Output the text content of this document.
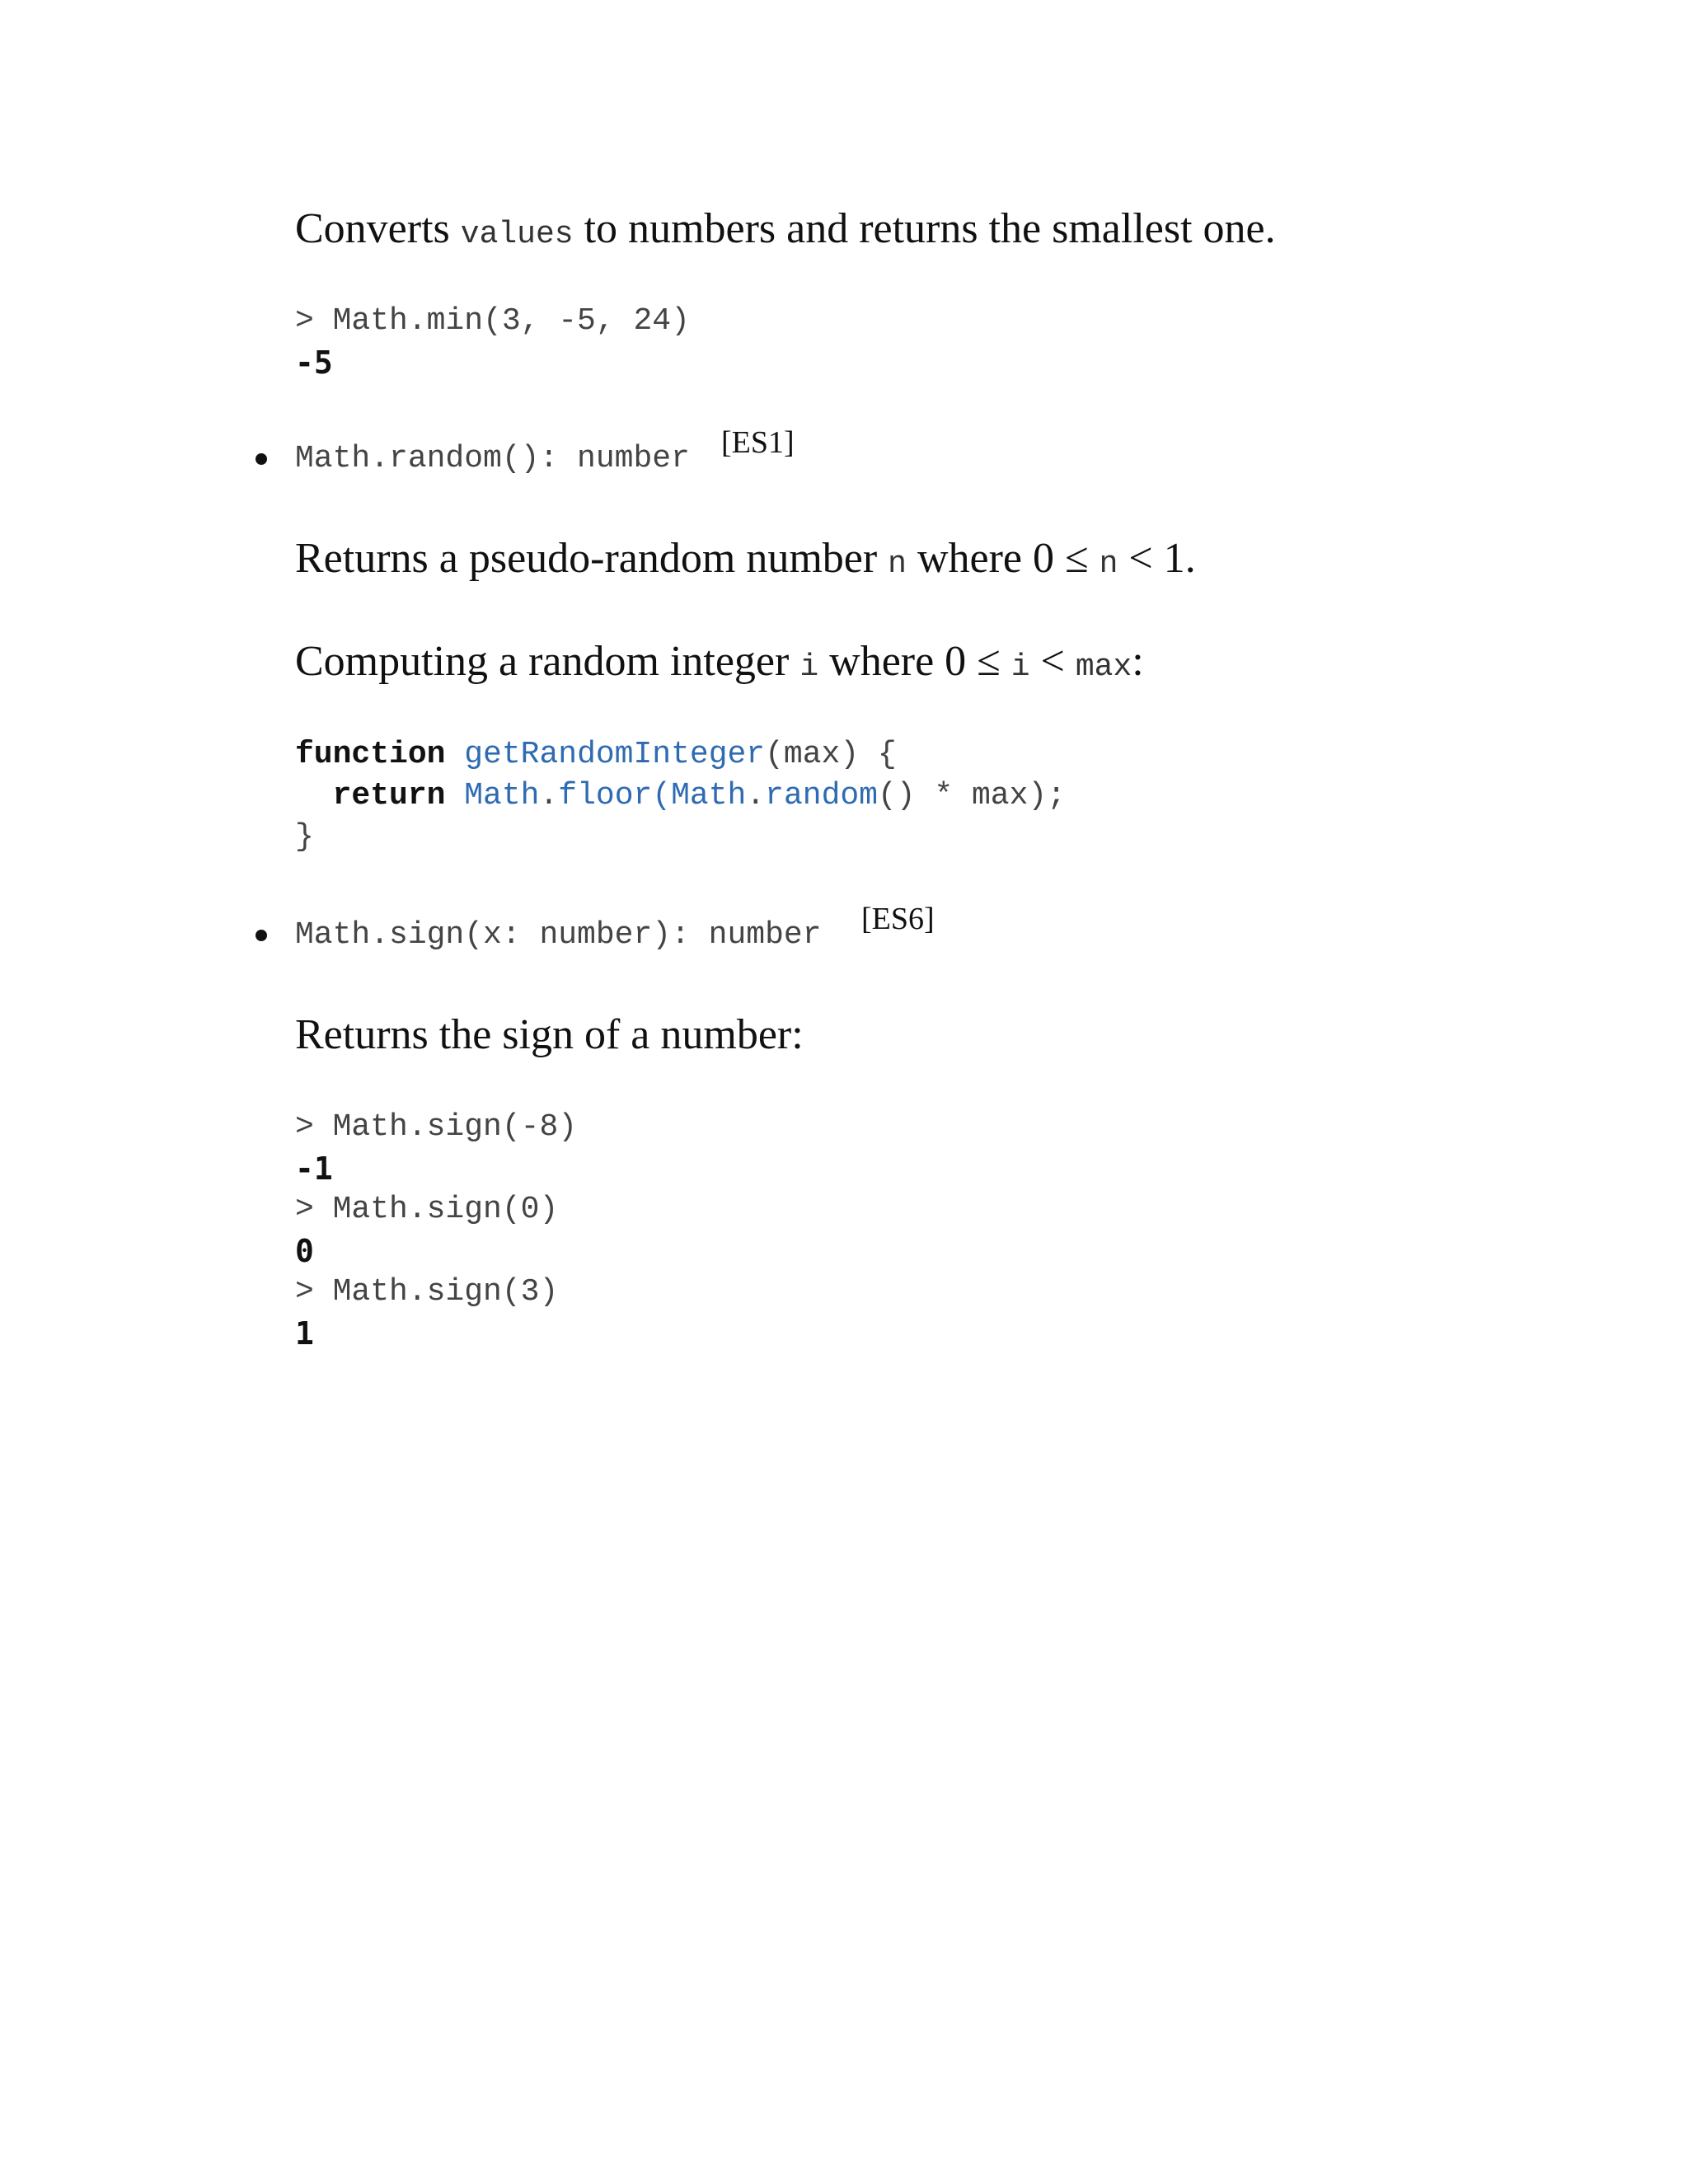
Converts values to numbers and returns the smallest one.
> Math.min(3, -5, 24)
-5
Math.random(): number [ES1]
Returns a pseudo-random number n where 0 ≤ n < 1.
Computing a random integer i where 0 ≤ i < max:
function getRandomInteger(max) {
return Math.floor(Math.random() * max);
}
Math.sign(x: number): number [ES6]
Returns the sign of a number:
> Math.sign(-8)
-1
> Math.sign(0)
0
> Math.sign(3)
1
